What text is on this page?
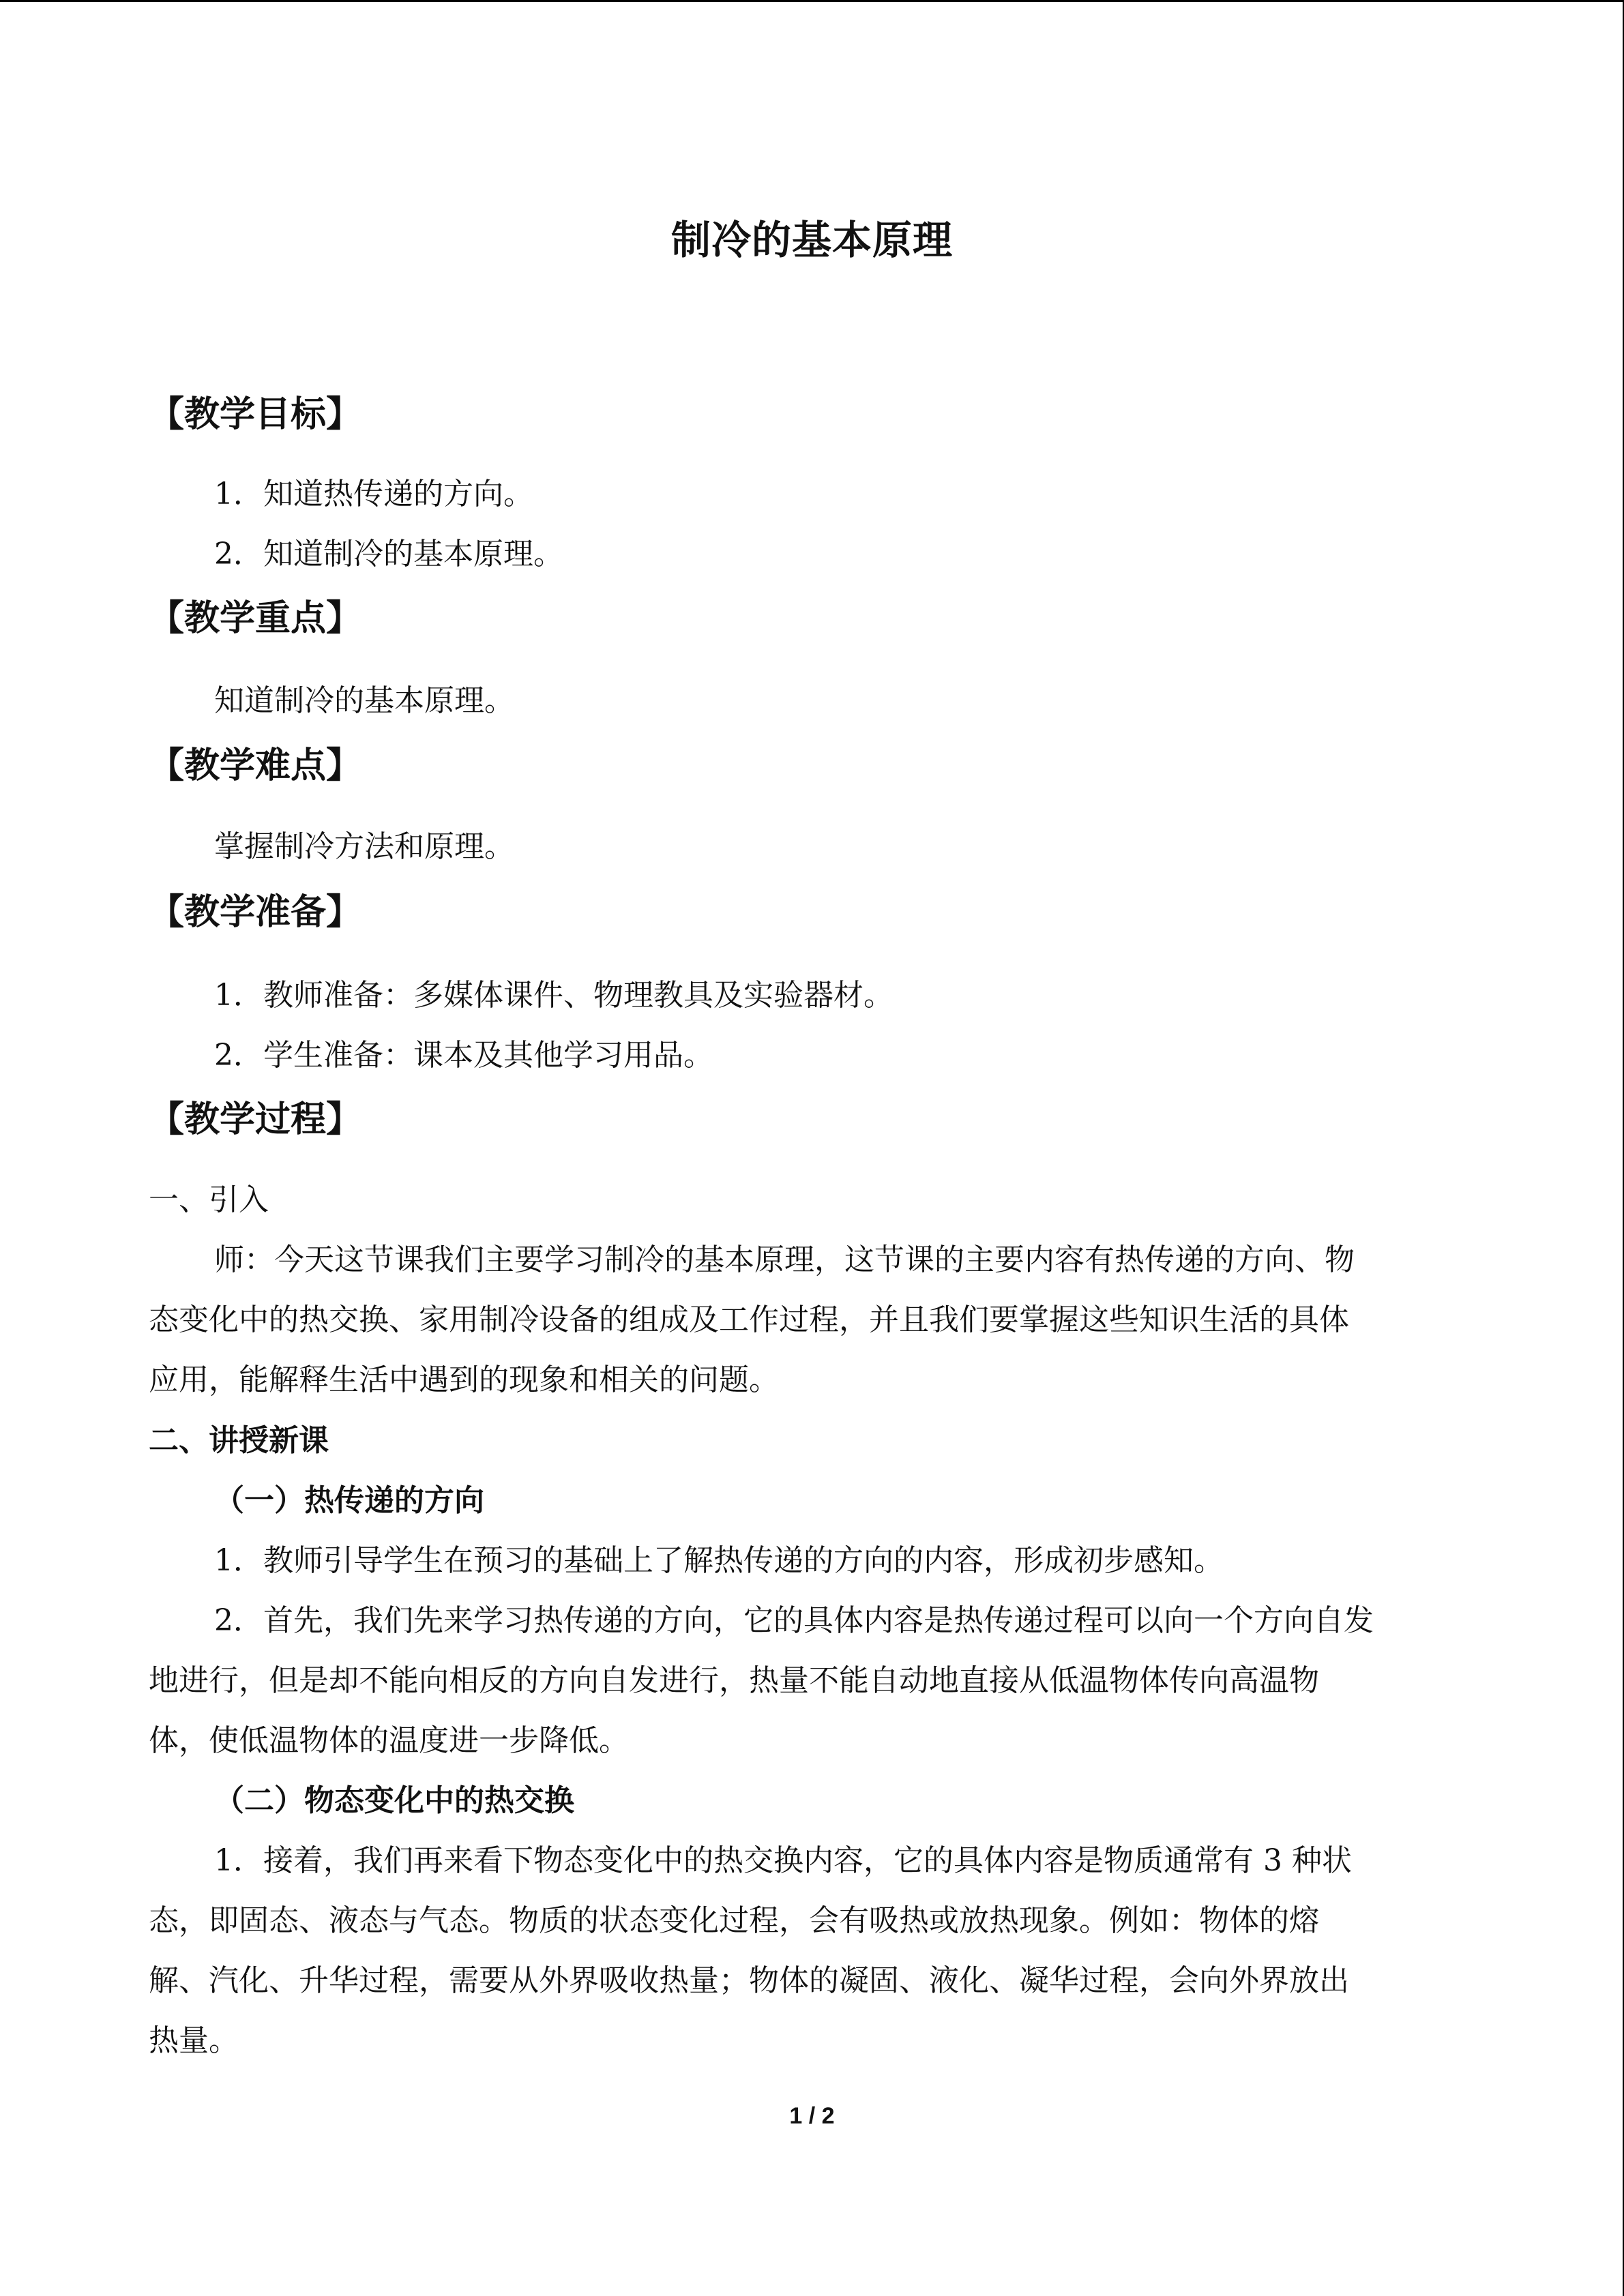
制冷的基本原理
【教学目标】
1．知道热传递的方向。
2．知道制冷的基本原理。
【教学重点】
知道制冷的基本原理。
【教学难点】
掌握制冷方法和原理。
【教学准备】
1．教师准备：多媒体课件、物理教具及实验器材。
2．学生准备：课本及其他学习用品。
【教学过程】
一、引入
师：今天这节课我们主要学习制冷的基本原理，这节课的主要内容有热传递的方向、物
态变化中的热交换、家用制冷设备的组成及工作过程，并且我们要掌握这些知识生活的具体
应用，能解释生活中遇到的现象和相关的问题。
二、讲授新课
（一）热传递的方向
1．教师引导学生在预习的基础上了解热传递的方向的内容，形成初步感知。
2．首先，我们先来学习热传递的方向，它的具体内容是热传递过程可以向一个方向自发
地进行，但是却不能向相反的方向自发进行，热量不能自动地直接从低温物体传向高温物
体，使低温物体的温度进一步降低。
（二）物态变化中的热交换
1．接着，我们再来看下物态变化中的热交换内容，它的具体内容是物质通常有 3 种状
态，即固态、液态与气态。物质的状态变化过程，会有吸热或放热现象。例如：物体的熔
解、汽化、升华过程，需要从外界吸收热量；物体的凝固、液化、凝华过程，会向外界放出
热量。
1 / 2
